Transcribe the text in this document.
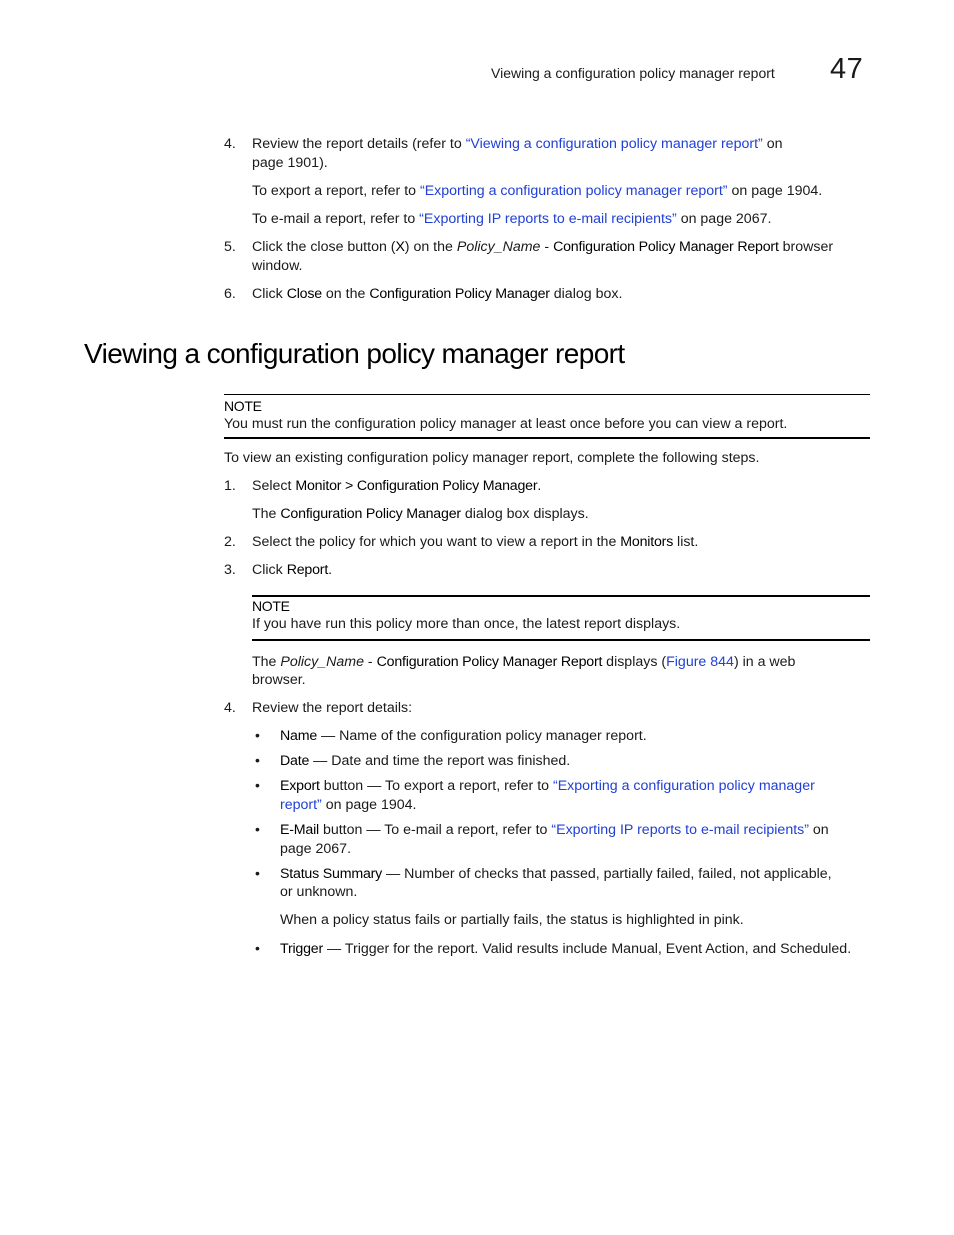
Viewing a configuration policy manager report 47
4.	Review the report details (refer to “Viewing a configuration policy manager report” on
page 1901).
To export a report, refer to “Exporting a configuration policy manager report” on page 1904.
To e-mail a report, refer to “Exporting IP reports to e-mail recipients” on page 2067.
5.	Click the close button (X) on the Policy_Name - Configuration Policy Manager Report browser
window.
6.	Click Close on the Configuration Policy Manager dialog box.
Viewing a configuration policy manager report
NOTE
You must run the configuration policy manager at least once before you can view a report.
To view an existing configuration policy manager report, complete the following steps.
1.	Select Monitor > Configuration Policy Manager.
The Configuration Policy Manager dialog box displays.
2.	Select the policy for which you want to view a report in the Monitors list.
3.	Click Report.
NOTE
If you have run this policy more than once, the latest report displays.
The Policy_Name - Configuration Policy Manager Report displays (Figure 844) in a web
browser.
4.	Review the report details:
• Name — Name of the configuration policy manager report.
• Date — Date and time the report was finished.
• Export button — To export a report, refer to “Exporting a configuration policy manager
report” on page 1904.
• E-Mail button — To e-mail a report, refer to “Exporting IP reports to e-mail recipients” on
page 2067.
• Status Summary — Number of checks that passed, partially failed, failed, not applicable,
or unknown.
When a policy status fails or partially fails, the status is highlighted in pink.
• Trigger — Trigger for the report. Valid results include Manual, Event Action, and Scheduled.
